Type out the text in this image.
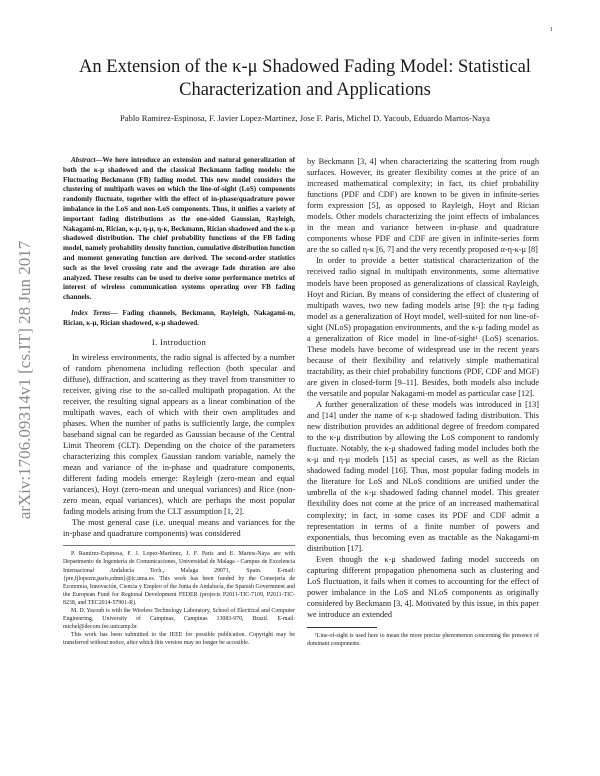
1
arXiv:1706.09314v1 [cs.IT] 28 Jun 2017
An Extension of the κ-μ Shadowed Fading Model: Statistical Characterization and Applications
Pablo Ramirez-Espinosa, F. Javier Lopez-Martinez, Jose F. Paris, Michel D. Yacoub, Eduardo Martos-Naya

Abstract—We here introduce an extension and natural generalization of both the κ-μ shadowed and the classical Beckmann fading models: the Fluctuating Beckmann (FB) fading model. This new model considers the clustering of multipath waves on which the line-of-sight (LoS) components randomly fluctuate, together with the effect of in-phase/quadrature power imbalance in the LoS and non-LoS components. Thus, it unifies a variety of important fading distributions as the one-sided Gaussian, Rayleigh, Nakagami-m, Rician, κ-μ, η-μ, η-κ, Beckmann, Rician shadowed and the κ-μ shadowed distribution. The chief probability functions of the FB fading model, namely probability density function, cumulative distribution function and moment generating function are derived. The second-order statistics such as the level crossing rate and the average fade duration are also analyzed. These results can be used to derive some performance metrics of interest of wireless communication systems operating over FB fading channels.

Index Terms— Fading channels, Beckmann, Rayleigh, Nakagami-m, Rician, κ-μ, Rician shadowed, κ-μ shadowed.

I. Introduction

In wireless environments, the radio signal is affected by a number of random phenomena including reflection (both specular and diffuse), diffraction, and scattering as they travel from transmitter to receiver, giving rise to the so-called multipath propagation. At the receiver, the resulting signal appears as a linear combination of the multipath waves, each of which with their own amplitudes and phases. When the number of paths is sufficiently large, the complex baseband signal can be regarded as Gaussian because of the Central Limit Theorem (CLT). Depending on the choice of the parameters characterizing this complex Gaussian random variable, namely the mean and variance of the in-phase and quadrature components, different fading models emerge: Rayleigh (zero-mean and equal variances), Hoyt (zero-mean and unequal variances) and Rice (non-zero mean, equal variances), which are perhaps the most popular fading models arising from the CLT assumption [1, 2].

The most general case (i.e. unequal means and variances for the in-phase and quadrature components) was considered

P. Ramirez-Espinosa, F. J. Lopez-Martinez, J. F. Paris and E. Martos-Naya are with Departmento de Ingeniería de Comunicaciones, Universidad de Malaga - Campus de Excelencia Internacional Andalucía Tech., Malaga 29071, Spain. E-mail: {pre,fjlopezm,paris,edmn}@ic.uma.es. This work has been funded by the Consejería de Economía, Innovación, Ciencia y Empleo of the Junta de Andalucía, the Spanish Government and the European Fund for Regional Development FEDER (projects P2011-TIC-7109, P2011-TIC-8238, and TEC2014-57901-R).

M. D. Yacoub is with the Wireless Technology Laboratory, School of Electrical and Computer Engineering, University of Campinas, Campinas 13083-970, Brazil. E-mail: michel@decom.fee.unicamp.br.

This work has been submitted to the IEEE for possible publication. Copyright may be transferred without notice, after which this version may no longer be accesible.

by Beckmann [3, 4] when characterizing the scattering from rough surfaces. However, its greater flexibility comes at the price of an increased mathematical complexity; in fact, its chief probability functions (PDF and CDF) are known to be given in infinite-series form expression [5], as opposed to Rayleigh, Hoyt and Rician models. Other models characterizing the joint effects of imbalances in the mean and variance between in-phase and quadrature components whose PDF and CDF are given in infinite-series form are the so called η-κ [6, 7] and the very recently proposed α-η-κ-μ [8]

In order to provide a better statistical characterization of the received radio signal in multipath environments, some alternative models have been proposed as generalizations of classical Rayleigh, Hoyt and Rician. By means of considering the effect of clustering of multipath waves, two new fading models arise [9]: the η-μ fading model as a generalization of Hoyt model, well-suited for non line-of-sight (NLoS) propagation environments, and the κ-μ fading model as a generalization of Rice model in line-of-sight¹ (LoS) scenarios. These models have become of widespread use in the recent years because of their flexibility and relatively simple mathematical tractability, as their chief probability functions (PDF, CDF and MGF) are given in closed-form [9–11]. Besides, both models also include the versatile and popular Nakagami-m model as particular case [12].

A further generalization of these models was introduced in [13] and [14] under the name of κ-μ shadowed fading distribution. This new distribution provides an additional degree of freedom compared to the κ-μ distribution by allowing the LoS component to randomly fluctuate. Notably, the κ-μ shadowed fading model includes both the κ-μ and η-μ models [15] as special cases, as well as the Rician shadowed fading model [16]. Thus, most popular fading models in the literature for LoS and NLoS conditions are unified under the umbrella of the κ-μ shadowed fading channel model. This greater flexibility does not come at the price of an increased mathematical complexity; in fact, in some cases its PDF and CDF admit a representation in terms of a finite number of powers and exponentials, thus becoming even as tractable as the Nakagami-m distribution [17].

Even though the κ-μ shadowed fading model succeeds on capturing different propagation phenomena such as clustering and LoS fluctuation, it fails when it comes to accounting for the effect of power imbalance in the LoS and NLoS components as originally considered by Beckmann [3, 4]. Motivated by this issue, in this paper we introduce an extended

¹Line-of-sight is used here to mean the more precise phenomenon concerning the presence of dominant components.
